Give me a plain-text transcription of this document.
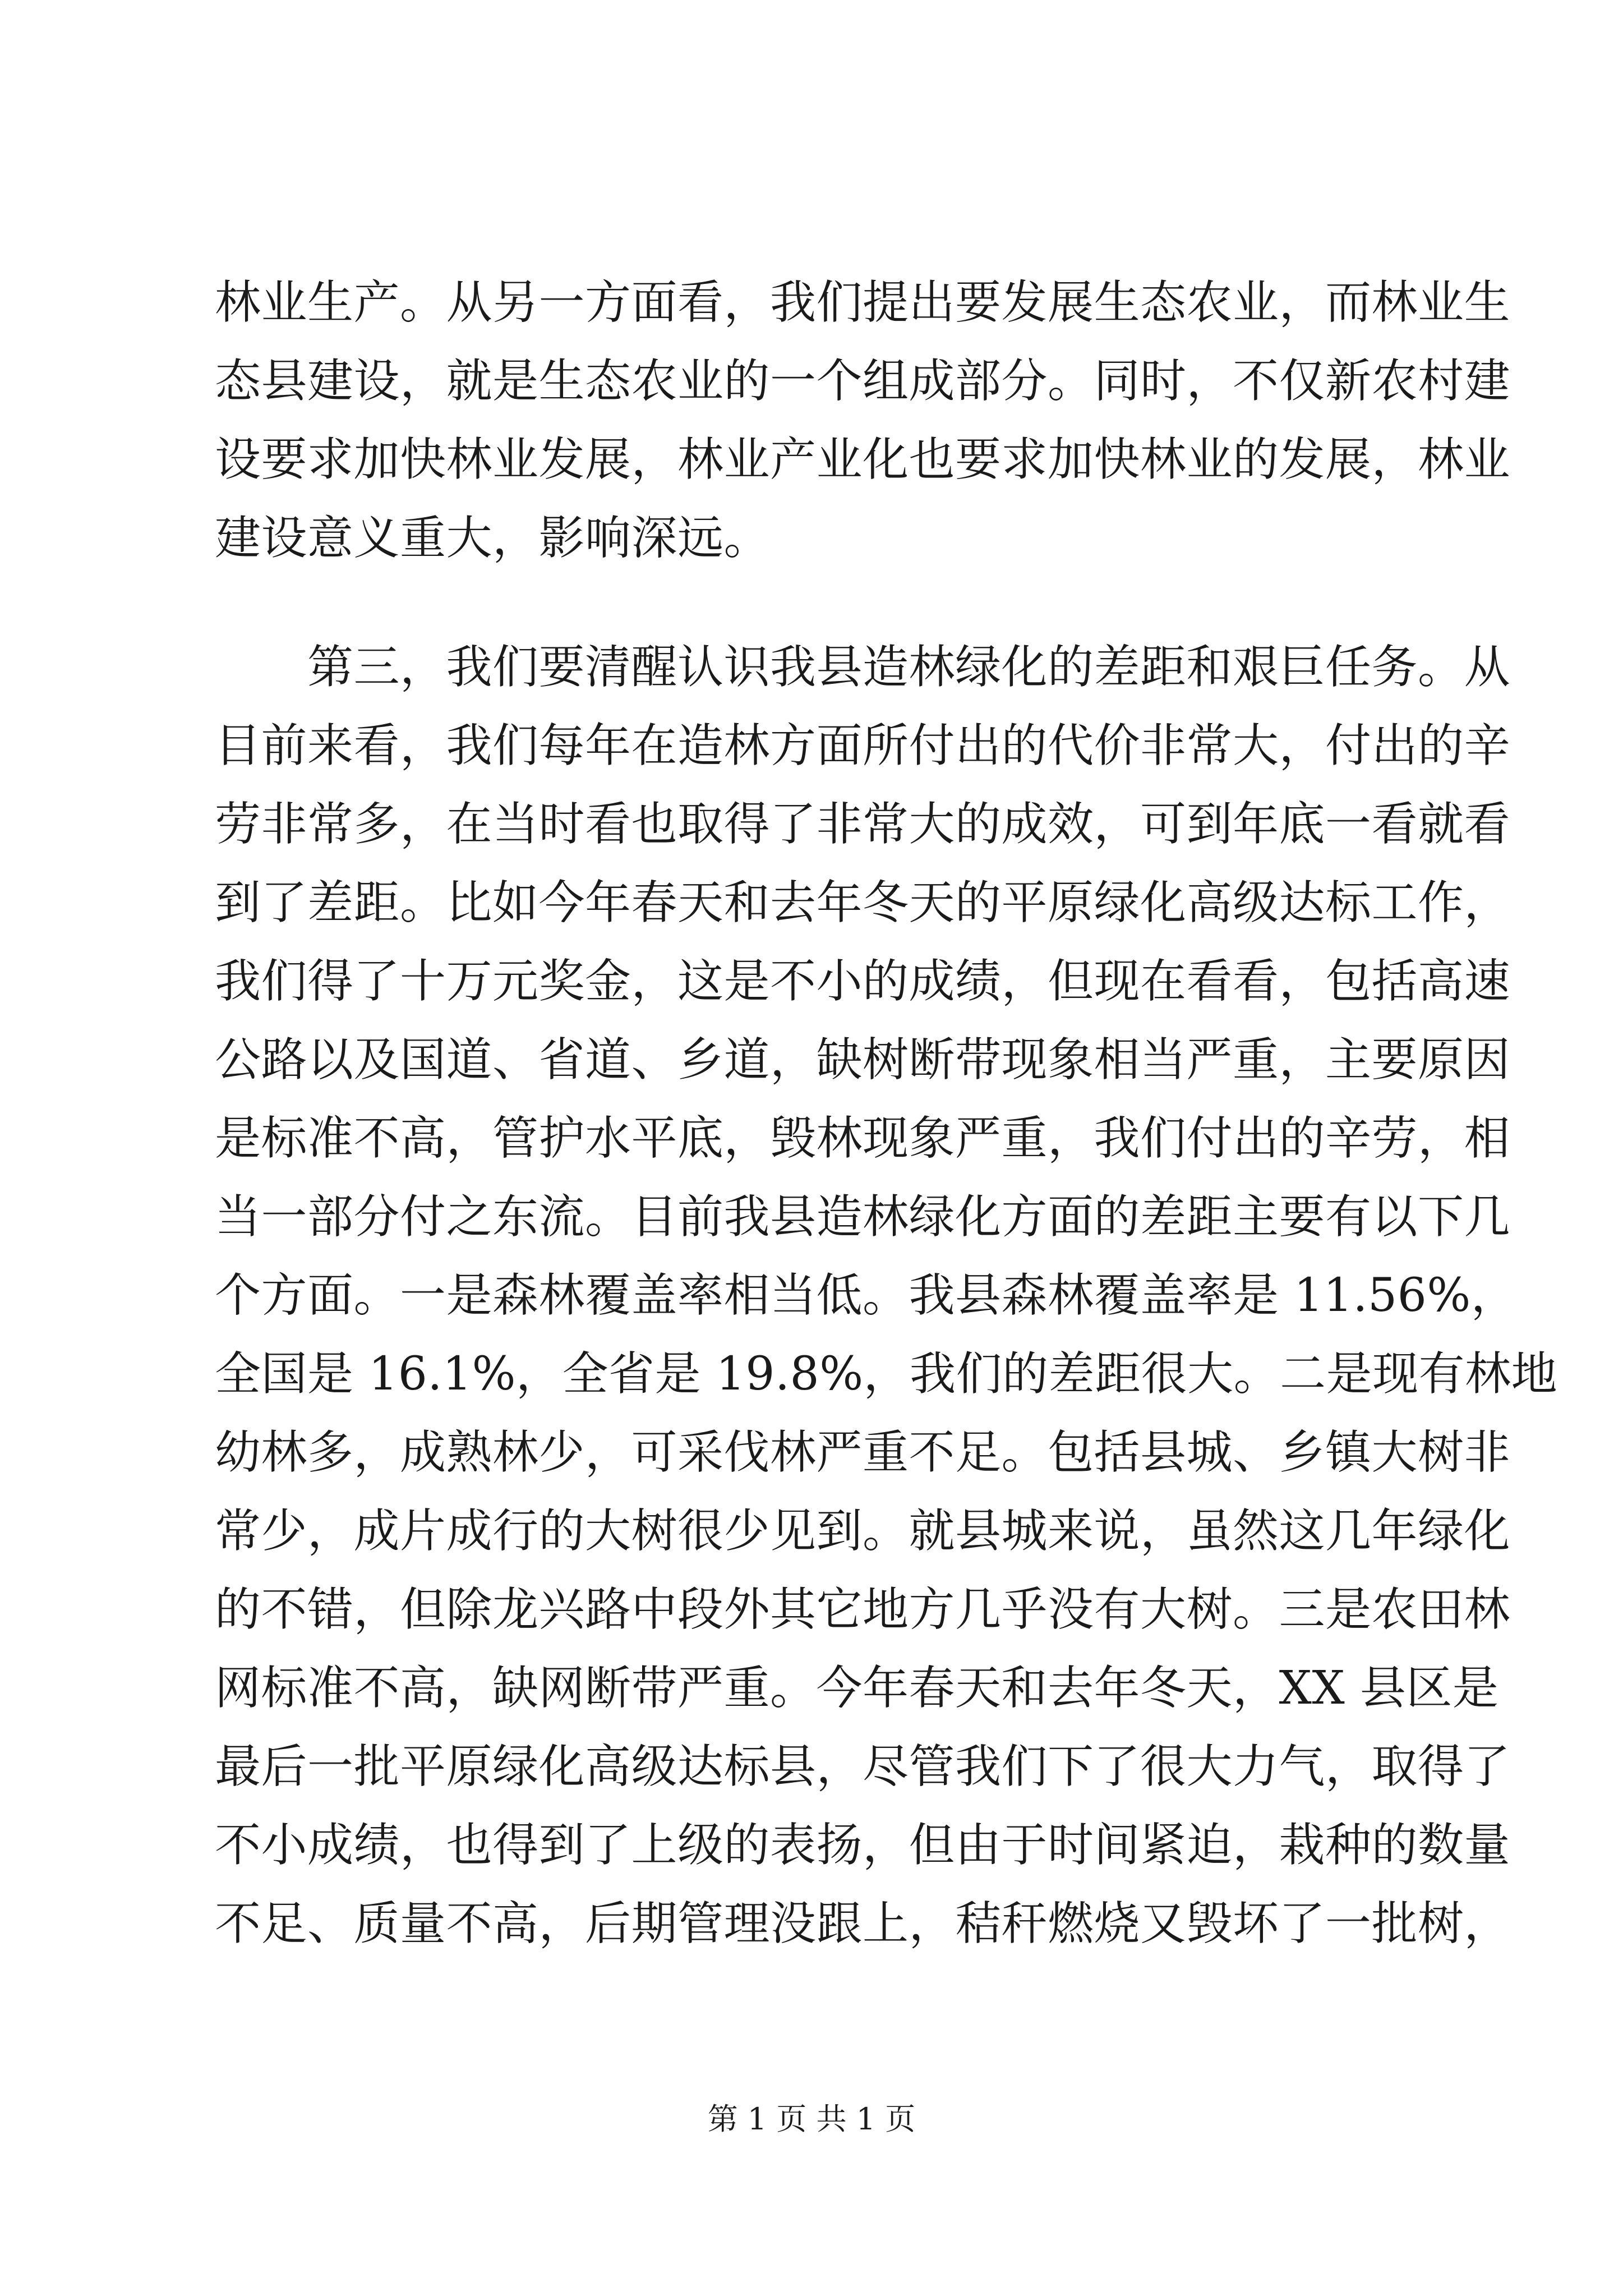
林业生产。从另一方面看，我们提出要发展生态农业，而林业生
态县建设，就是生态农业的一个组成部分。同时，不仅新农村建
设要求加快林业发展，林业产业化也要求加快林业的发展，林业
建设意义重大，影响深远。
　　第三，我们要清醒认识我县造林绿化的差距和艰巨任务。从
目前来看，我们每年在造林方面所付出的代价非常大，付出的辛
劳非常多，在当时看也取得了非常大的成效，可到年底一看就看
到了差距。比如今年春天和去年冬天的平原绿化高级达标工作，
我们得了十万元奖金，这是不小的成绩，但现在看看，包括高速
公路以及国道、省道、乡道，缺树断带现象相当严重，主要原因
是标准不高，管护水平底，毁林现象严重，我们付出的辛劳，相
当一部分付之东流。目前我县造林绿化方面的差距主要有以下几
个方面。一是森林覆盖率相当低。我县森林覆盖率是 11.56%，
全国是 16.1%，全省是 19.8%，我们的差距很大。二是现有林地
幼林多，成熟林少，可采伐林严重不足。包括县城、乡镇大树非
常少，成片成行的大树很少见到。就县城来说，虽然这几年绿化
的不错，但除龙兴路中段外其它地方几乎没有大树。三是农田林
网标准不高，缺网断带严重。今年春天和去年冬天，XX 县区是
最后一批平原绿化高级达标县，尽管我们下了很大力气，取得了
不小成绩，也得到了上级的表扬，但由于时间紧迫，栽种的数量
不足、质量不高，后期管理没跟上，秸秆燃烧又毁坏了一批树，
第 1 页 共 1 页
